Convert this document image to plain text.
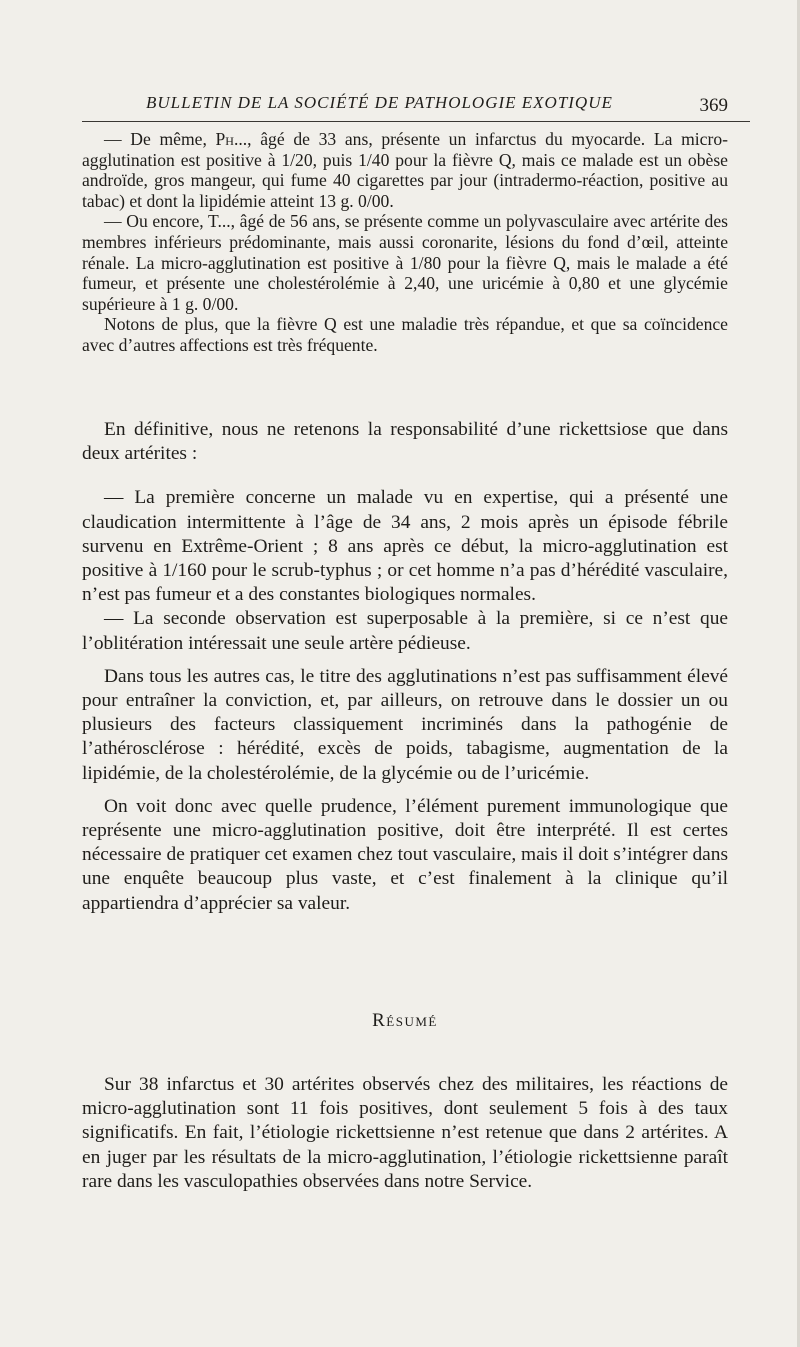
BULLETIN DE LA SOCIÉTÉ DE PATHOLOGIE EXOTIQUE	369

— De même, Ph..., âgé de 33 ans, présente un infarctus du myocarde. La micro-agglutination est positive à 1/20, puis 1/40 pour la fièvre Q, mais ce malade est un obèse androïde, gros mangeur, qui fume 40 cigarettes par jour (intradermo-réaction, positive au tabac) et dont la lipidémie atteint 13 g. 0/00.

— Ou encore, T..., âgé de 56 ans, se présente comme un polyvasculaire avec artérite des membres inférieurs prédominante, mais aussi coronarite, lésions du fond d’œil, atteinte rénale. La micro-agglutination est positive à 1/80 pour la fièvre Q, mais le malade a été fumeur, et présente une cholestérolémie à 2,40, une uricémie à 0,80 et une glycémie supérieure à 1 g. 0/00.

Notons de plus, que la fièvre Q est une maladie très répandue, et que sa coïncidence avec d’autres affections est très fréquente.

En définitive, nous ne retenons la responsabilité d’une rickettsiose que dans deux artérites :

— La première concerne un malade vu en expertise, qui a présenté une claudication intermittente à l’âge de 34 ans, 2 mois après un épisode fébrile survenu en Extrême-Orient ; 8 ans après ce début, la micro-agglutination est positive à 1/160 pour le scrub-typhus ; or cet homme n’a pas d’hérédité vasculaire, n’est pas fumeur et a des constantes biologiques normales.

— La seconde observation est superposable à la première, si ce n’est que l’oblitération intéressait une seule artère pédieuse.

Dans tous les autres cas, le titre des agglutinations n’est pas suffisamment élevé pour entraîner la conviction, et, par ailleurs, on retrouve dans le dossier un ou plusieurs des facteurs classiquement incriminés dans la pathogénie de l’athérosclérose : hérédité, excès de poids, tabagisme, augmentation de la lipidémie, de la cholestérolémie, de la glycémie ou de l’uricémie.

On voit donc avec quelle prudence, l’élément purement immunologique que représente une micro-agglutination positive, doit être interprété. Il est certes nécessaire de pratiquer cet examen chez tout vasculaire, mais il doit s’intégrer dans une enquête beaucoup plus vaste, et c’est finalement à la clinique qu’il appartiendra d’apprécier sa valeur.

Résumé

Sur 38 infarctus et 30 artérites observés chez des militaires, les réactions de micro-agglutination sont 11 fois positives, dont seulement 5 fois à des taux significatifs. En fait, l’étiologie rickettsienne n’est retenue que dans 2 artérites. A en juger par les résultats de la micro-agglutination, l’étiologie rickettsienne paraît rare dans les vasculopathies observées dans notre Service.
